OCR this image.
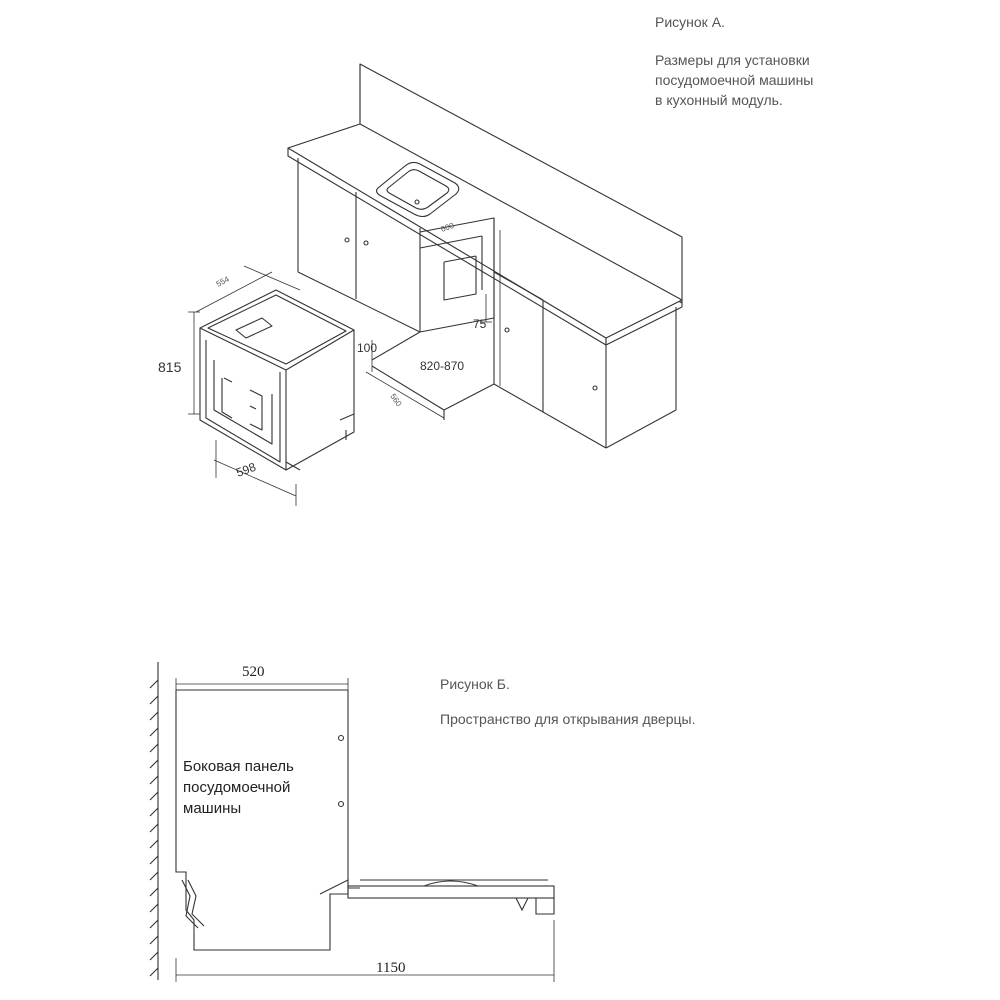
Рисунок А.
Размеры для установки
посудомоечной машины
в кухонный модуль.
Рисунок Б.
Пространство для открывания дверцы.
815
554
598
600
100
820-870
75
560
520
1150
Боковая панель
посудомоечной
машины
